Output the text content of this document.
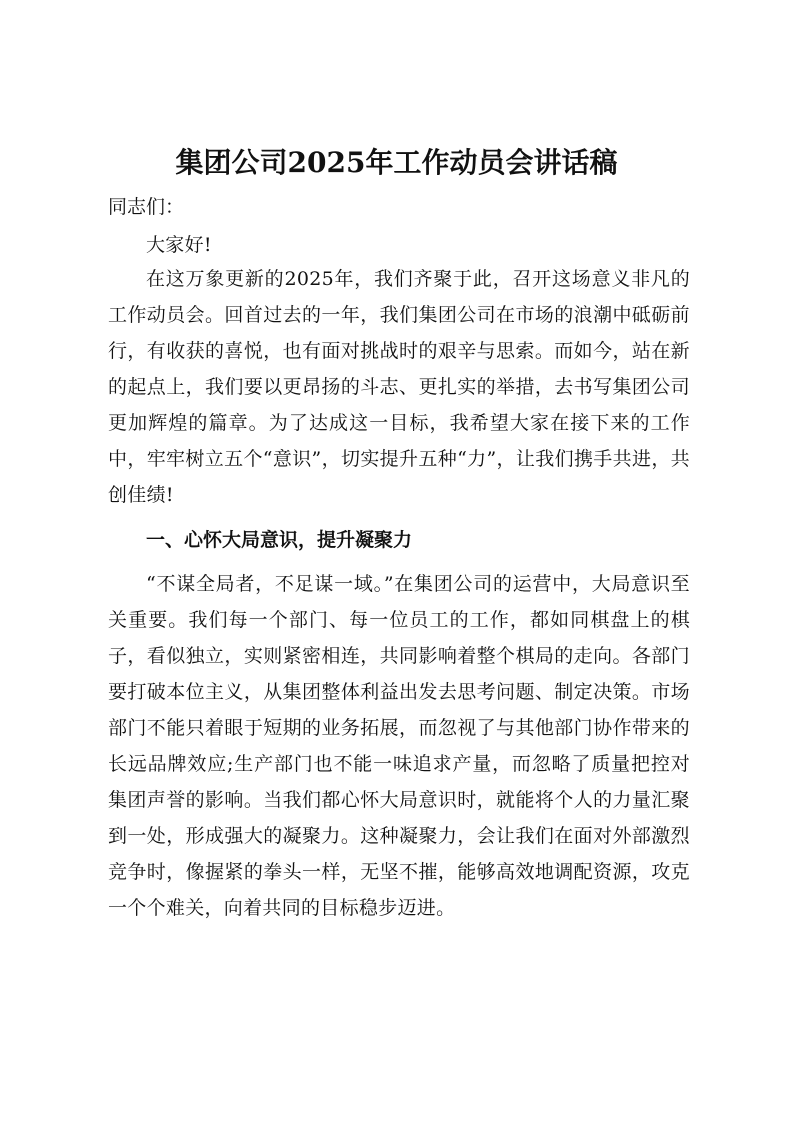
集团公司2025年工作动员会讲话稿

同志们：

大家好!

在这万象更新的2025年，我们齐聚于此，召开这场意义非凡的工作动员会。回首过去的一年，我们集团公司在市场的浪潮中砥砺前行，有收获的喜悦，也有面对挑战时的艰辛与思索。而如今，站在新的起点上，我们要以更昂扬的斗志、更扎实的举措，去书写集团公司更加辉煌的篇章。为了达成这一目标，我希望大家在接下来的工作中，牢牢树立五个“意识”，切实提升五种“力”，让我们携手共进，共创佳绩!

一、心怀大局意识，提升凝聚力

“不谋全局者，不足谋一域。”在集团公司的运营中，大局意识至关重要。我们每一个部门、每一位员工的工作，都如同棋盘上的棋子，看似独立，实则紧密相连，共同影响着整个棋局的走向。各部门要打破本位主义，从集团整体利益出发去思考问题、制定决策。市场部门不能只着眼于短期的业务拓展，而忽视了与其他部门协作带来的长远品牌效应;生产部门也不能一味追求产量，而忽略了质量把控对集团声誉的影响。当我们都心怀大局意识时，就能将个人的力量汇聚到一处，形成强大的凝聚力。这种凝聚力，会让我们在面对外部激烈竞争时，像握紧的拳头一样，无坚不摧，能够高效地调配资源，攻克一个个难关，向着共同的目标稳步迈进。
